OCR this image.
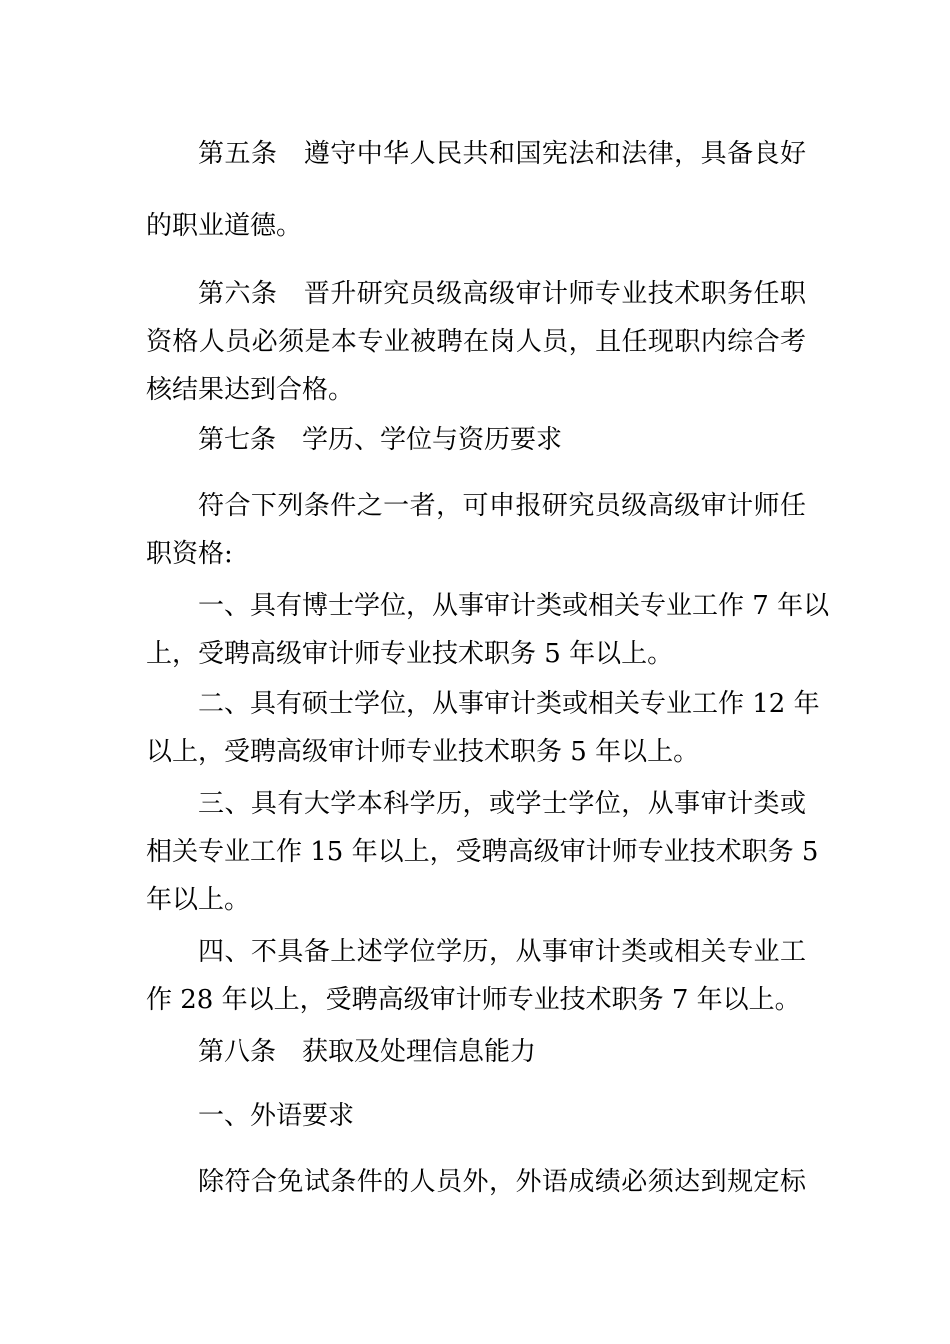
第五条　遵守中华人民共和国宪法和法律，具备良好
的职业道德。
第六条　晋升研究员级高级审计师专业技术职务任职
资格人员必须是本专业被聘在岗人员，且任现职内综合考
核结果达到合格。
第七条　学历、学位与资历要求
符合下列条件之一者，可申报研究员级高级审计师任
职资格:
一、具有博士学位，从事审计类或相关专业工作 7 年以
上，受聘高级审计师专业技术职务 5 年以上。
二、具有硕士学位，从事审计类或相关专业工作 12 年
以上，受聘高级审计师专业技术职务 5 年以上。
三、具有大学本科学历，或学士学位，从事审计类或
相关专业工作 15 年以上，受聘高级审计师专业技术职务 5
年以上。
四、不具备上述学位学历，从事审计类或相关专业工
作 28 年以上，受聘高级审计师专业技术职务 7 年以上。
第八条　获取及处理信息能力
一、外语要求
除符合免试条件的人员外，外语成绩必须达到规定标
